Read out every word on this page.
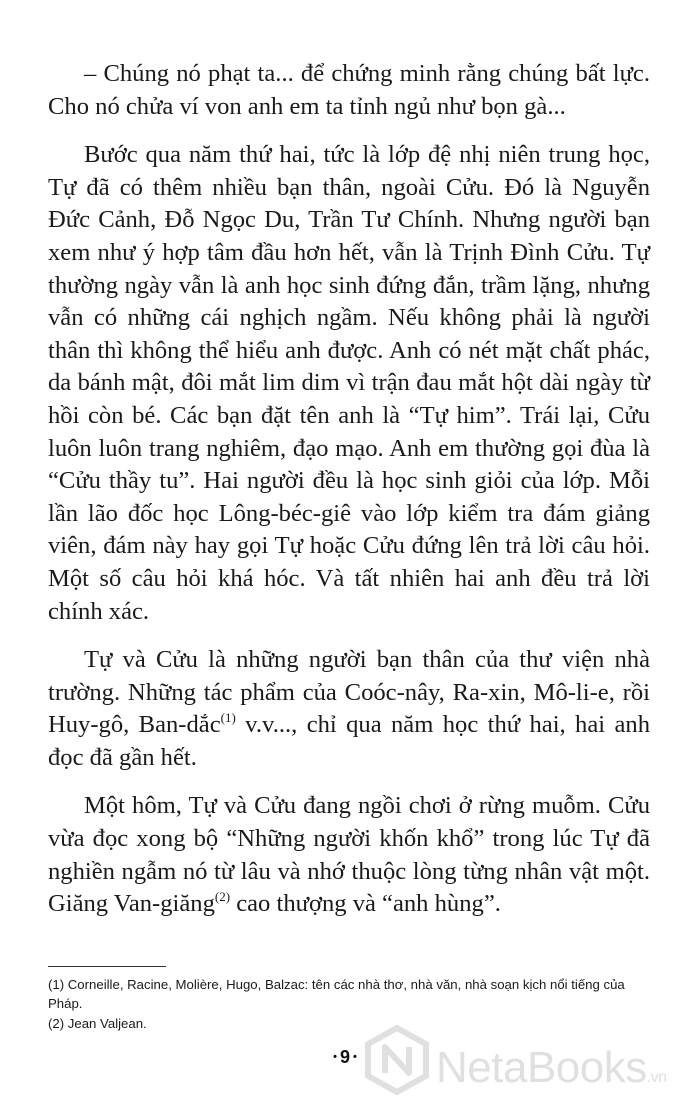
– Chúng nó phạt ta... để chứng minh rằng chúng bất lực. Cho nó chửa ví von anh em ta tỉnh ngủ như bọn gà...

Bước qua năm thứ hai, tức là lớp đệ nhị niên trung học, Tự đã có thêm nhiều bạn thân, ngoài Cửu. Đó là Nguyễn Đức Cảnh, Đỗ Ngọc Du, Trần Tư Chính. Nhưng người bạn xem như ý hợp tâm đầu hơn hết, vẫn là Trịnh Đình Cửu. Tự thường ngày vẫn là anh học sinh đứng đắn, trầm lặng, nhưng vẫn có những cái nghịch ngầm. Nếu không phải là người thân thì không thể hiểu anh được. Anh có nét mặt chất phác, da bánh mật, đôi mắt lim dim vì trận đau mắt hột dài ngày từ hồi còn bé. Các bạn đặt tên anh là “Tự him”. Trái lại, Cửu luôn luôn trang nghiêm, đạo mạo. Anh em thường gọi đùa là “Cửu thầy tu”. Hai người đều là học sinh giỏi của lớp. Mỗi lần lão đốc học Lông-béc-giê vào lớp kiểm tra đám giảng viên, đám này hay gọi Tự hoặc Cửu đứng lên trả lời câu hỏi. Một số câu hỏi khá hóc. Và tất nhiên hai anh đều trả lời chính xác.

Tự và Cửu là những người bạn thân của thư viện nhà trường. Những tác phẩm của Coóc-nây, Ra-xin, Mô-li-e, rồi Huy-gô, Ban-dắc$^{(1)}$ v.v..., chỉ qua năm học thứ hai, hai anh đọc đã gần hết.

Một hôm, Tự và Cửu đang ngồi chơi ở rừng muỗm. Cửu vừa đọc xong bộ “Những người khốn khổ” trong lúc Tự đã nghiền ngẫm nó từ lâu và nhớ thuộc lòng từng nhân vật một. Giăng Van-giăng$^{(2)}$ cao thượng và “anh hùng”.

(1) Corneille, Racine, Molière, Hugo, Balzac: tên các nhà thơ, nhà văn, nhà soạn kịch nổi tiếng của Pháp.
(2) Jean Valjean.
• 9 •	NetaBooks.vn
